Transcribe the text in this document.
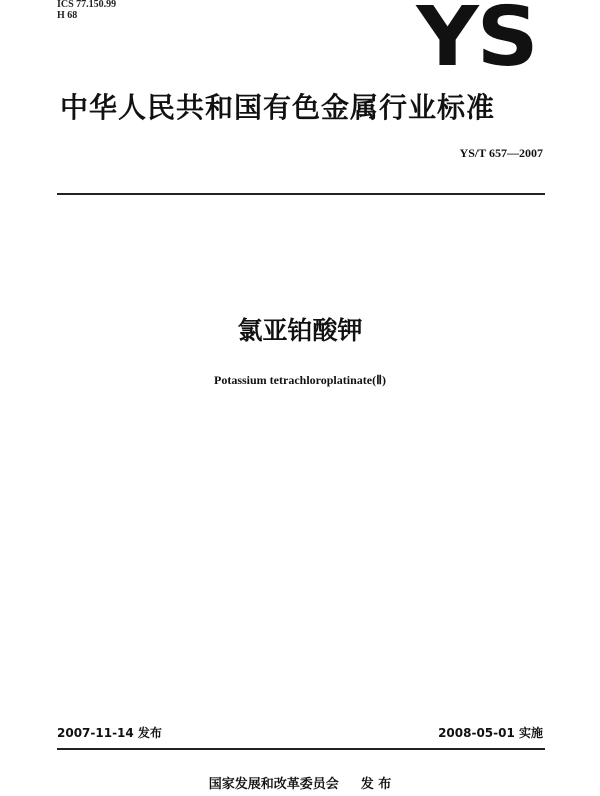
ICS 77.150.99
H 68	YS
中华人民共和国有色金属行业标准
YS/T 657—2007
氯亚铂酸钾
Potassium tetrachloroplatinate(Ⅱ)
2007-11-14 发布	2008-05-01 实施
国家发展和改革委员会 发 布
